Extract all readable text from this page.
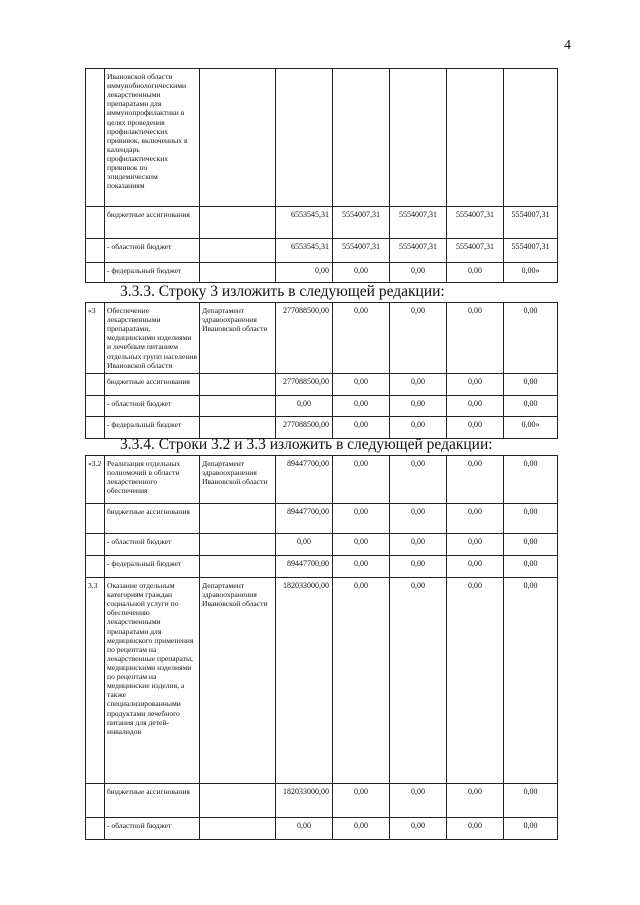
4
	Ивановской области иммунобиологическими лекарственными препаратами для иммунопрофилактики в целях проведения профилактических прививок, включенных в календарь профилактических прививок по эпидемическим показаниям						
	бюджетные ассигнования		6553545,31	5554007,31	5554007,31	5554007,31	5554007,31
	- областной бюджет		6553545,31	5554007,31	5554007,31	5554007,31	5554007,31
	- федеральный бюджет		0,00	0,00	0,00	0,00	0,00»
3.3.3. Строку 3 изложить в следующей редакции:
«3	Обеспечение лекарственными препаратами, медицинскими изделиями и лечебным питанием отдельных групп населения Ивановской области	Департамент здравоохранения Ивановской области	277088500,00	0,00	0,00	0,00	0,00
	бюджетные ассигнования		277088500,00	0,00	0,00	0,00	0,00
	- областной бюджет		0,00	0,00	0,00	0,00	0,00
	- федеральный бюджет		277088500,00	0,00	0,00	0,00	0,00»
3.3.4. Строки 3.2 и 3.3 изложить в следующей редакции:
«3.2	Реализация отдельных полномочий в области лекарственного обеспечения	Департамент здравоохранения Ивановской области	89447700,00	0,00	0,00	0,00	0,00
	бюджетные ассигнования		89447700,00	0,00	0,00	0,00	0,00
	- областной бюджет		0,00	0,00	0,00	0,00	0,00
	- федеральный бюджет		89447700,00	0,00	0,00	0,00	0,00
3.3	Оказание отдельным категориям граждан социальной услуги по обеспечению лекарственными препаратами для медицинского применения по рецептам на лекарственные препараты, медицинскими изделиями по рецептам на медицинские изделия, а также специализированными продуктами лечебного питания для детей-инвалидов	Департамент здравоохранения Ивановской области	182033000,00	0,00	0,00	0,00	0,00
	бюджетные ассигнования		182033000,00	0,00	0,00	0,00	0,00
	- областной бюджет		0,00	0,00	0,00	0,00	0,00
